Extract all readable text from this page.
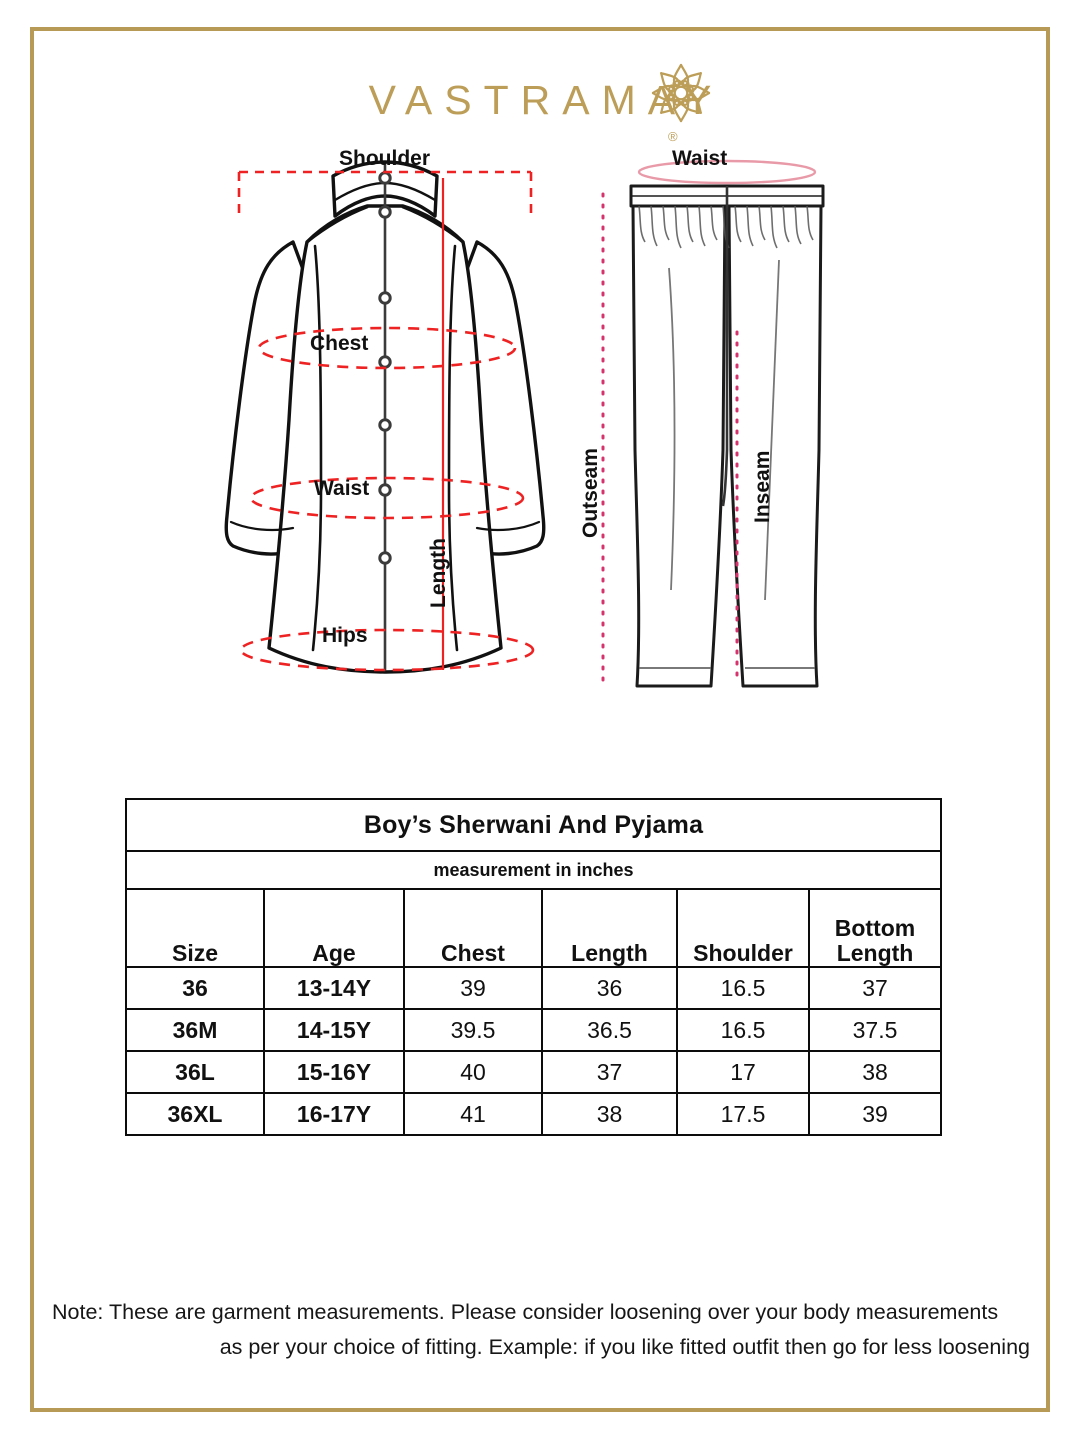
VASTRAMAY
®
Shoulder
Chest
Waist
Hips
Length
Waist
Outseam	Inseam
Boy’s Sherwani And Pyjama					
measurement in inches					
Size	Age	Chest	Length	Shoulder	Bottom
Length
36	13-14Y	39	36	16.5	37
36M	14-15Y	39.5	36.5	16.5	37.5
36L	15-16Y	40	37	17	38
36XL	16-17Y	41	38	17.5	39
Note: These are garment measurements. Please consider loosening over your body measurements
as per your choice of fitting. Example: if you like fitted outfit then go for less loosening
